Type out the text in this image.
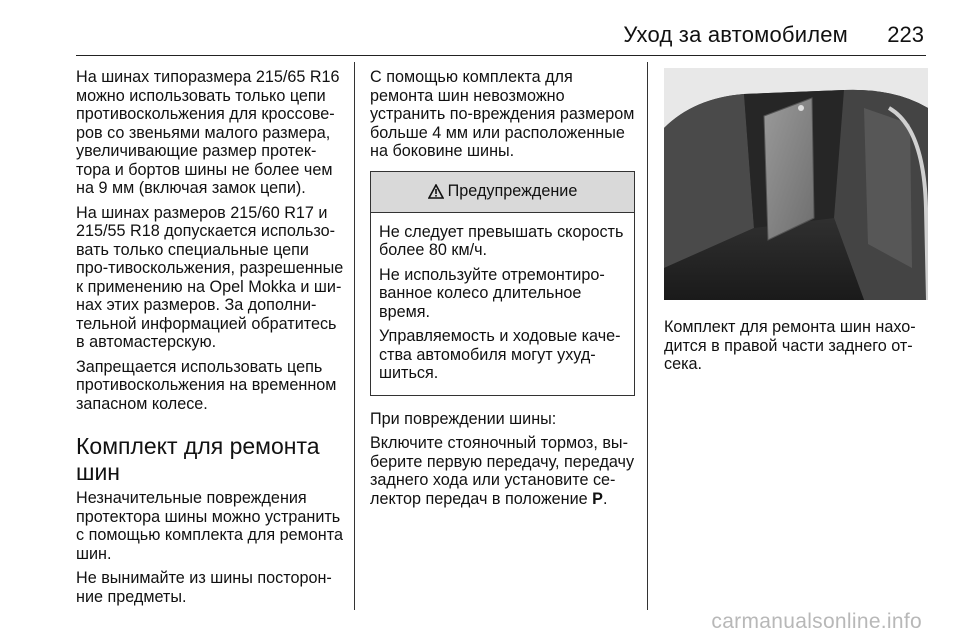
Уход за автомобилем 223

На шинах типоразмера 215/65 R16 можно использовать только цепи противоскольжения для кроссове-ров со звеньями малого размера, увеличивающие размер протек-тора и бортов шины не более чем на 9 мм (включая замок цепи).

На шинах размеров 215/60 R17 и 215/55 R18 допускается использо-вать только специальные цепи про-тивоскольжения, разрешенные к применению на Opel Mokka и ши-нах этих размеров. За дополни-тельной информацией обратитесь в автомастерскую.

Запрещается использовать цепь противоскольжения на временном запасном колесе.

Комплект для ремонта шин

Незначительные повреждения протектора шины можно устранить с помощью комплекта для ремонта шин.

Не вынимайте из шины посторон-ние предметы.

С помощью комплекта для ремонта шин невозможно устранить по-вреждения размером больше 4 мм или расположенные на боковине шины.

Предупреждение

Не следует превышать скорость более 80 км/ч.

Не используйте отремонтиро-ванное колесо длительное время.

Управляемость и ходовые каче-ства автомобиля могут ухуд-шиться.

При повреждении шины:

Включите стояночный тормоз, вы-берите первую передачу, передачу заднего хода или установите се-лектор передач в положение P.

Комплект для ремонта шин нахо-дится в правой части заднего от-сека.

carmanualsonline.info
